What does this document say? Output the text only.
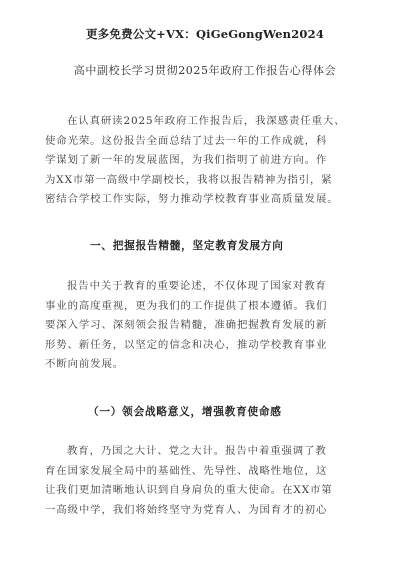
更多免费公文+VX：QiGeGongWen2024
高中副校长学习贯彻2025年政府工作报告心得体会
在认真研读2025年政府工作报告后，我深感责任重大、
使命光荣。这份报告全面总结了过去一年的工作成就，科
学谋划了新一年的发展蓝图，为我们指明了前进方向。作
为XX市第一高级中学副校长，我将以报告精神为指引，紧
密结合学校工作实际，努力推动学校教育事业高质量发展。
一、把握报告精髓，坚定教育发展方向
报告中关于教育的重要论述，不仅体现了国家对教育
事业的高度重视，更为我们的工作提供了根本遵循。我们
要深入学习、深刻领会报告精髓，准确把握教育发展的新
形势、新任务，以坚定的信念和决心，推动学校教育事业
不断向前发展。
（一）领会战略意义，增强教育使命感
教育，乃国之大计、党之大计。报告中着重强调了教
育在国家发展全局中的基础性、先导性、战略性地位，这
让我们更加清晰地认识到自身肩负的重大使命。在XX市第
一高级中学，我们将始终坚守为党育人、为国育才的初心
